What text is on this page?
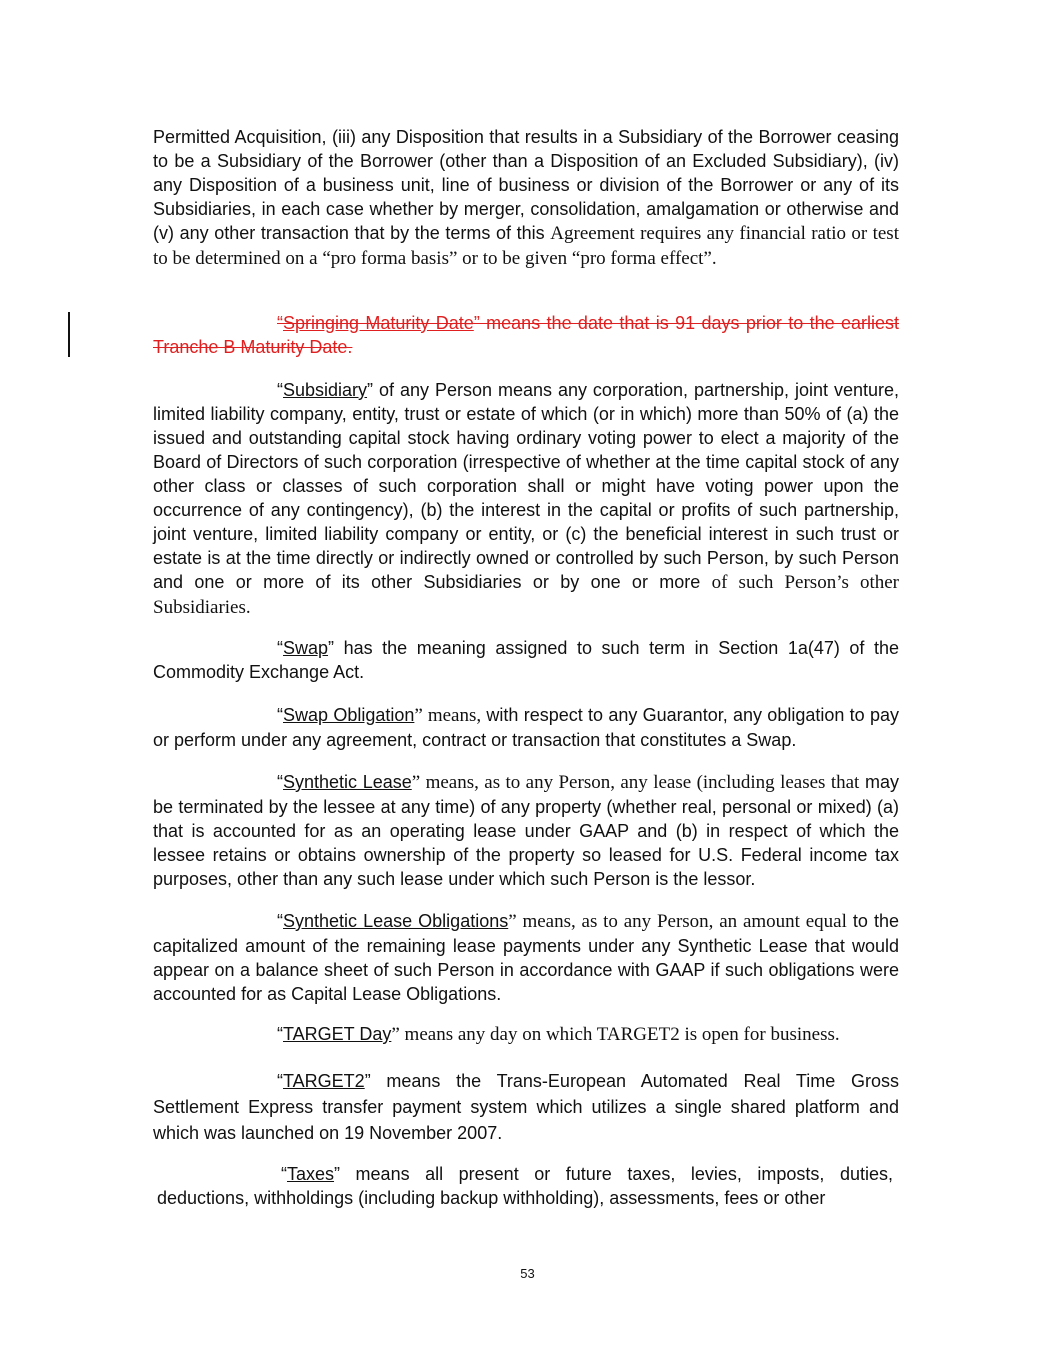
Permitted Acquisition, (iii) any Disposition that results in a Subsidiary of the Borrower ceasing to be a Subsidiary of the Borrower (other than a Disposition of an Excluded Subsidiary), (iv) any Disposition of a business unit, line of business or division of the Borrower or any of its Subsidiaries, in each case whether by merger, consolidation, amalgamation or otherwise and (v) any other transaction that by the terms of this Agreement requires any financial ratio or test to be determined on a “pro forma basis” or to be given “pro forma effect”.

“Springing Maturity Date” means the date that is 91 days prior to the earliest Tranche B Maturity Date.

“Subsidiary” of any Person means any corporation, partnership, joint venture, limited liability company, entity, trust or estate of which (or in which) more than 50% of (a) the issued and outstanding capital stock having ordinary voting power to elect a majority of the Board of Directors of such corporation (irrespective of whether at the time capital stock of any other class or classes of such corporation shall or might have voting power upon the occurrence of any contingency), (b) the interest in the capital or profits of such partnership, joint venture, limited liability company or entity, or (c) the beneficial interest in such trust or estate is at the time directly or indirectly owned or controlled by such Person, by such Person and one or more of its other Subsidiaries or by one or more of such Person’s other Subsidiaries.

“Swap” has the meaning assigned to such term in Section 1a(47) of the Commodity Exchange Act.

“Swap Obligation” means, with respect to any Guarantor, any obligation to pay or perform under any agreement, contract or transaction that constitutes a Swap.

“Synthetic Lease” means, as to any Person, any lease (including leases that may be terminated by the lessee at any time) of any property (whether real, personal or mixed) (a) that is accounted for as an operating lease under GAAP and (b) in respect of which the lessee retains or obtains ownership of the property so leased for U.S. Federal income tax purposes, other than any such lease under which such Person is the lessor.

“Synthetic Lease Obligations” means, as to any Person, an amount equal to the capitalized amount of the remaining lease payments under any Synthetic Lease that would appear on a balance sheet of such Person in accordance with GAAP if such obligations were accounted for as Capital Lease Obligations.

“TARGET Day” means any day on which TARGET2 is open for business.

“TARGET2” means the Trans-European Automated Real Time Gross Settlement Express transfer payment system which utilizes a single shared platform and which was launched on 19 November 2007.

“Taxes” means all present or future taxes, levies, imposts, duties, deductions, withholdings (including backup withholding), assessments, fees or other

53
